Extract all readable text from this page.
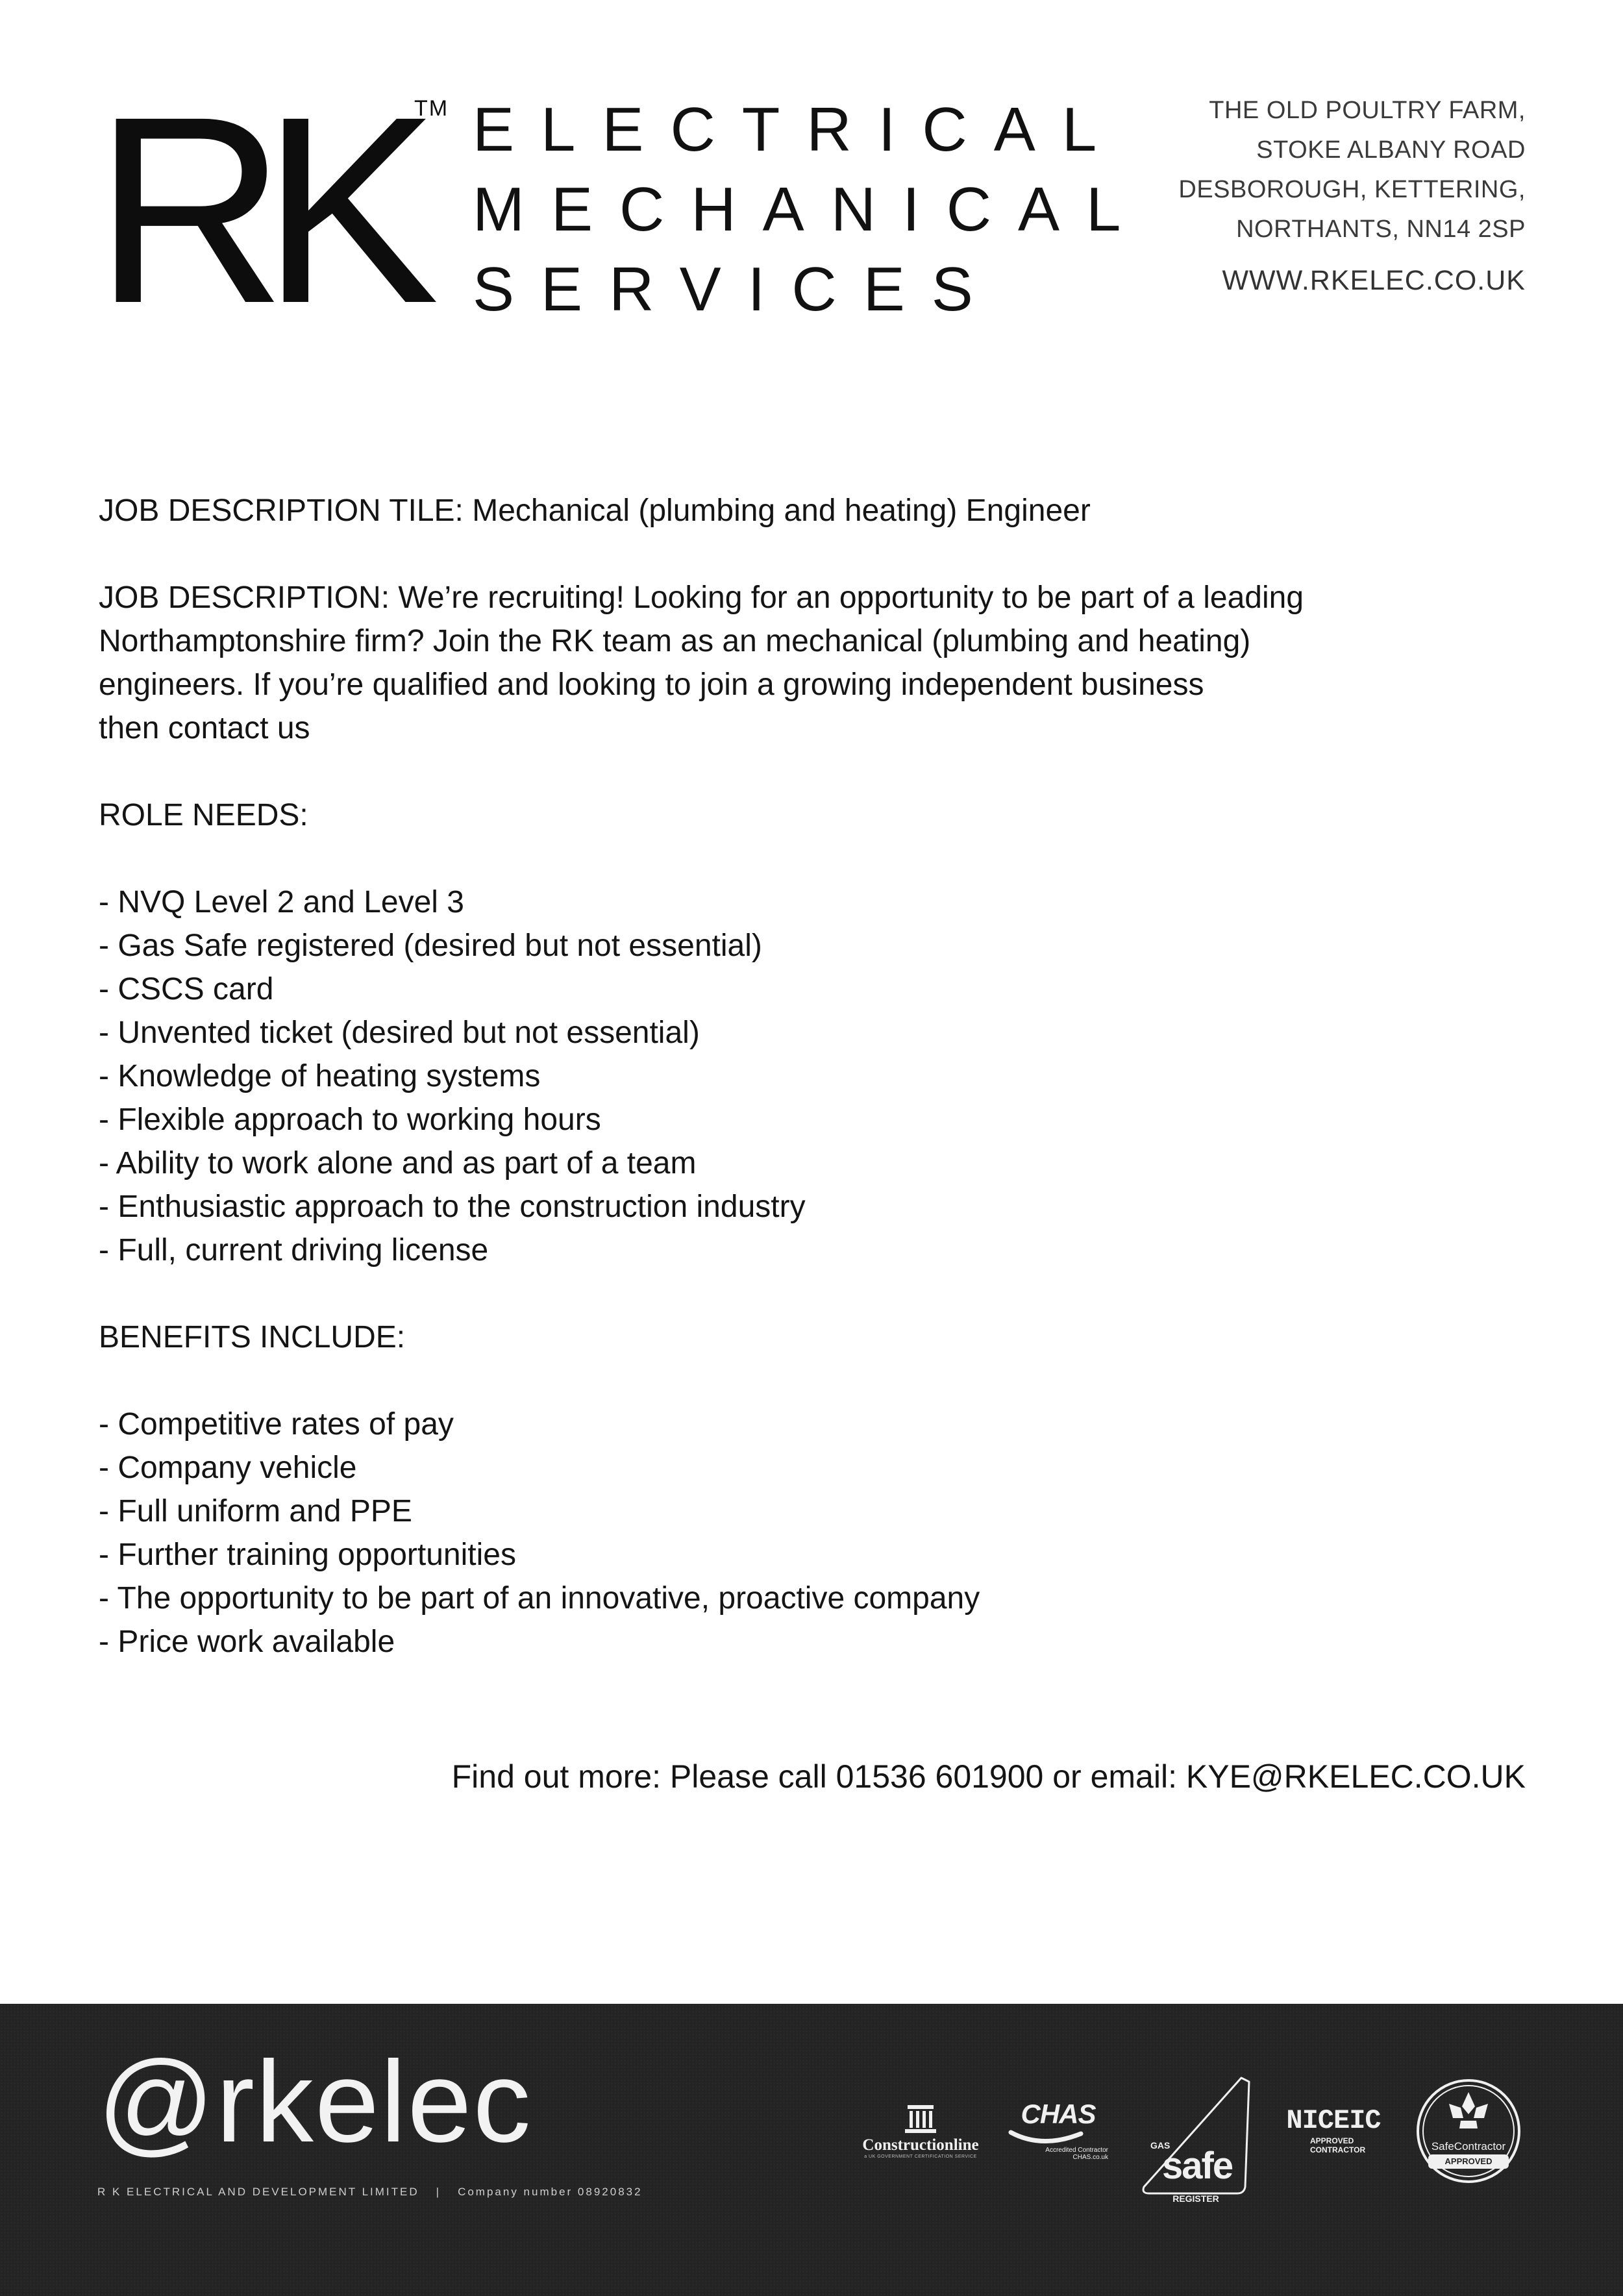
RK TM ELECTRICAL
MECHANICAL
SERVICES
THE OLD POULTRY FARM,
STOKE ALBANY ROAD
DESBOROUGH, KETTERING,
NORTHANTS, NN14 2SP
WWW.RKELEC.CO.UK

JOB DESCRIPTION TILE: Mechanical (plumbing and heating) Engineer

JOB DESCRIPTION: We’re recruiting! Looking for an opportunity to be part of a leading

Northamptonshire firm? Join the RK team as an mechanical (plumbing and heating)

engineers. If you’re qualified and looking to join a growing independent business

then contact us

ROLE NEEDS:

- NVQ Level 2 and Level 3
- Gas Safe registered (desired but not essential)
- CSCS card
- Unvented ticket (desired but not essential)
- Knowledge of heating systems
- Flexible approach to working hours
- Ability to work alone and as part of a team
- Enthusiastic approach to the construction industry
- Full, current driving license

BENEFITS INCLUDE:

- Competitive rates of pay
- Company vehicle
- Full uniform and PPE
- Further training opportunities
- The opportunity to be part of an innovative, proactive company
- Price work available
Find out more: Please call 01536 601900 or email: KYE@RKELEC.CO.UK
@rkelec
R K ELECTRICAL AND DEVELOPMENT LIMITED | Company number 08920832
Constructionline
a UK GOVERNMENT CERTIFICATION SERVICE
CHAS
Accredited Contractor
CHAS.co.uk
GAS
safe
REGISTER
NICEIC
APPROVED
CONTRACTOR	SafeContractor
APPROVED
